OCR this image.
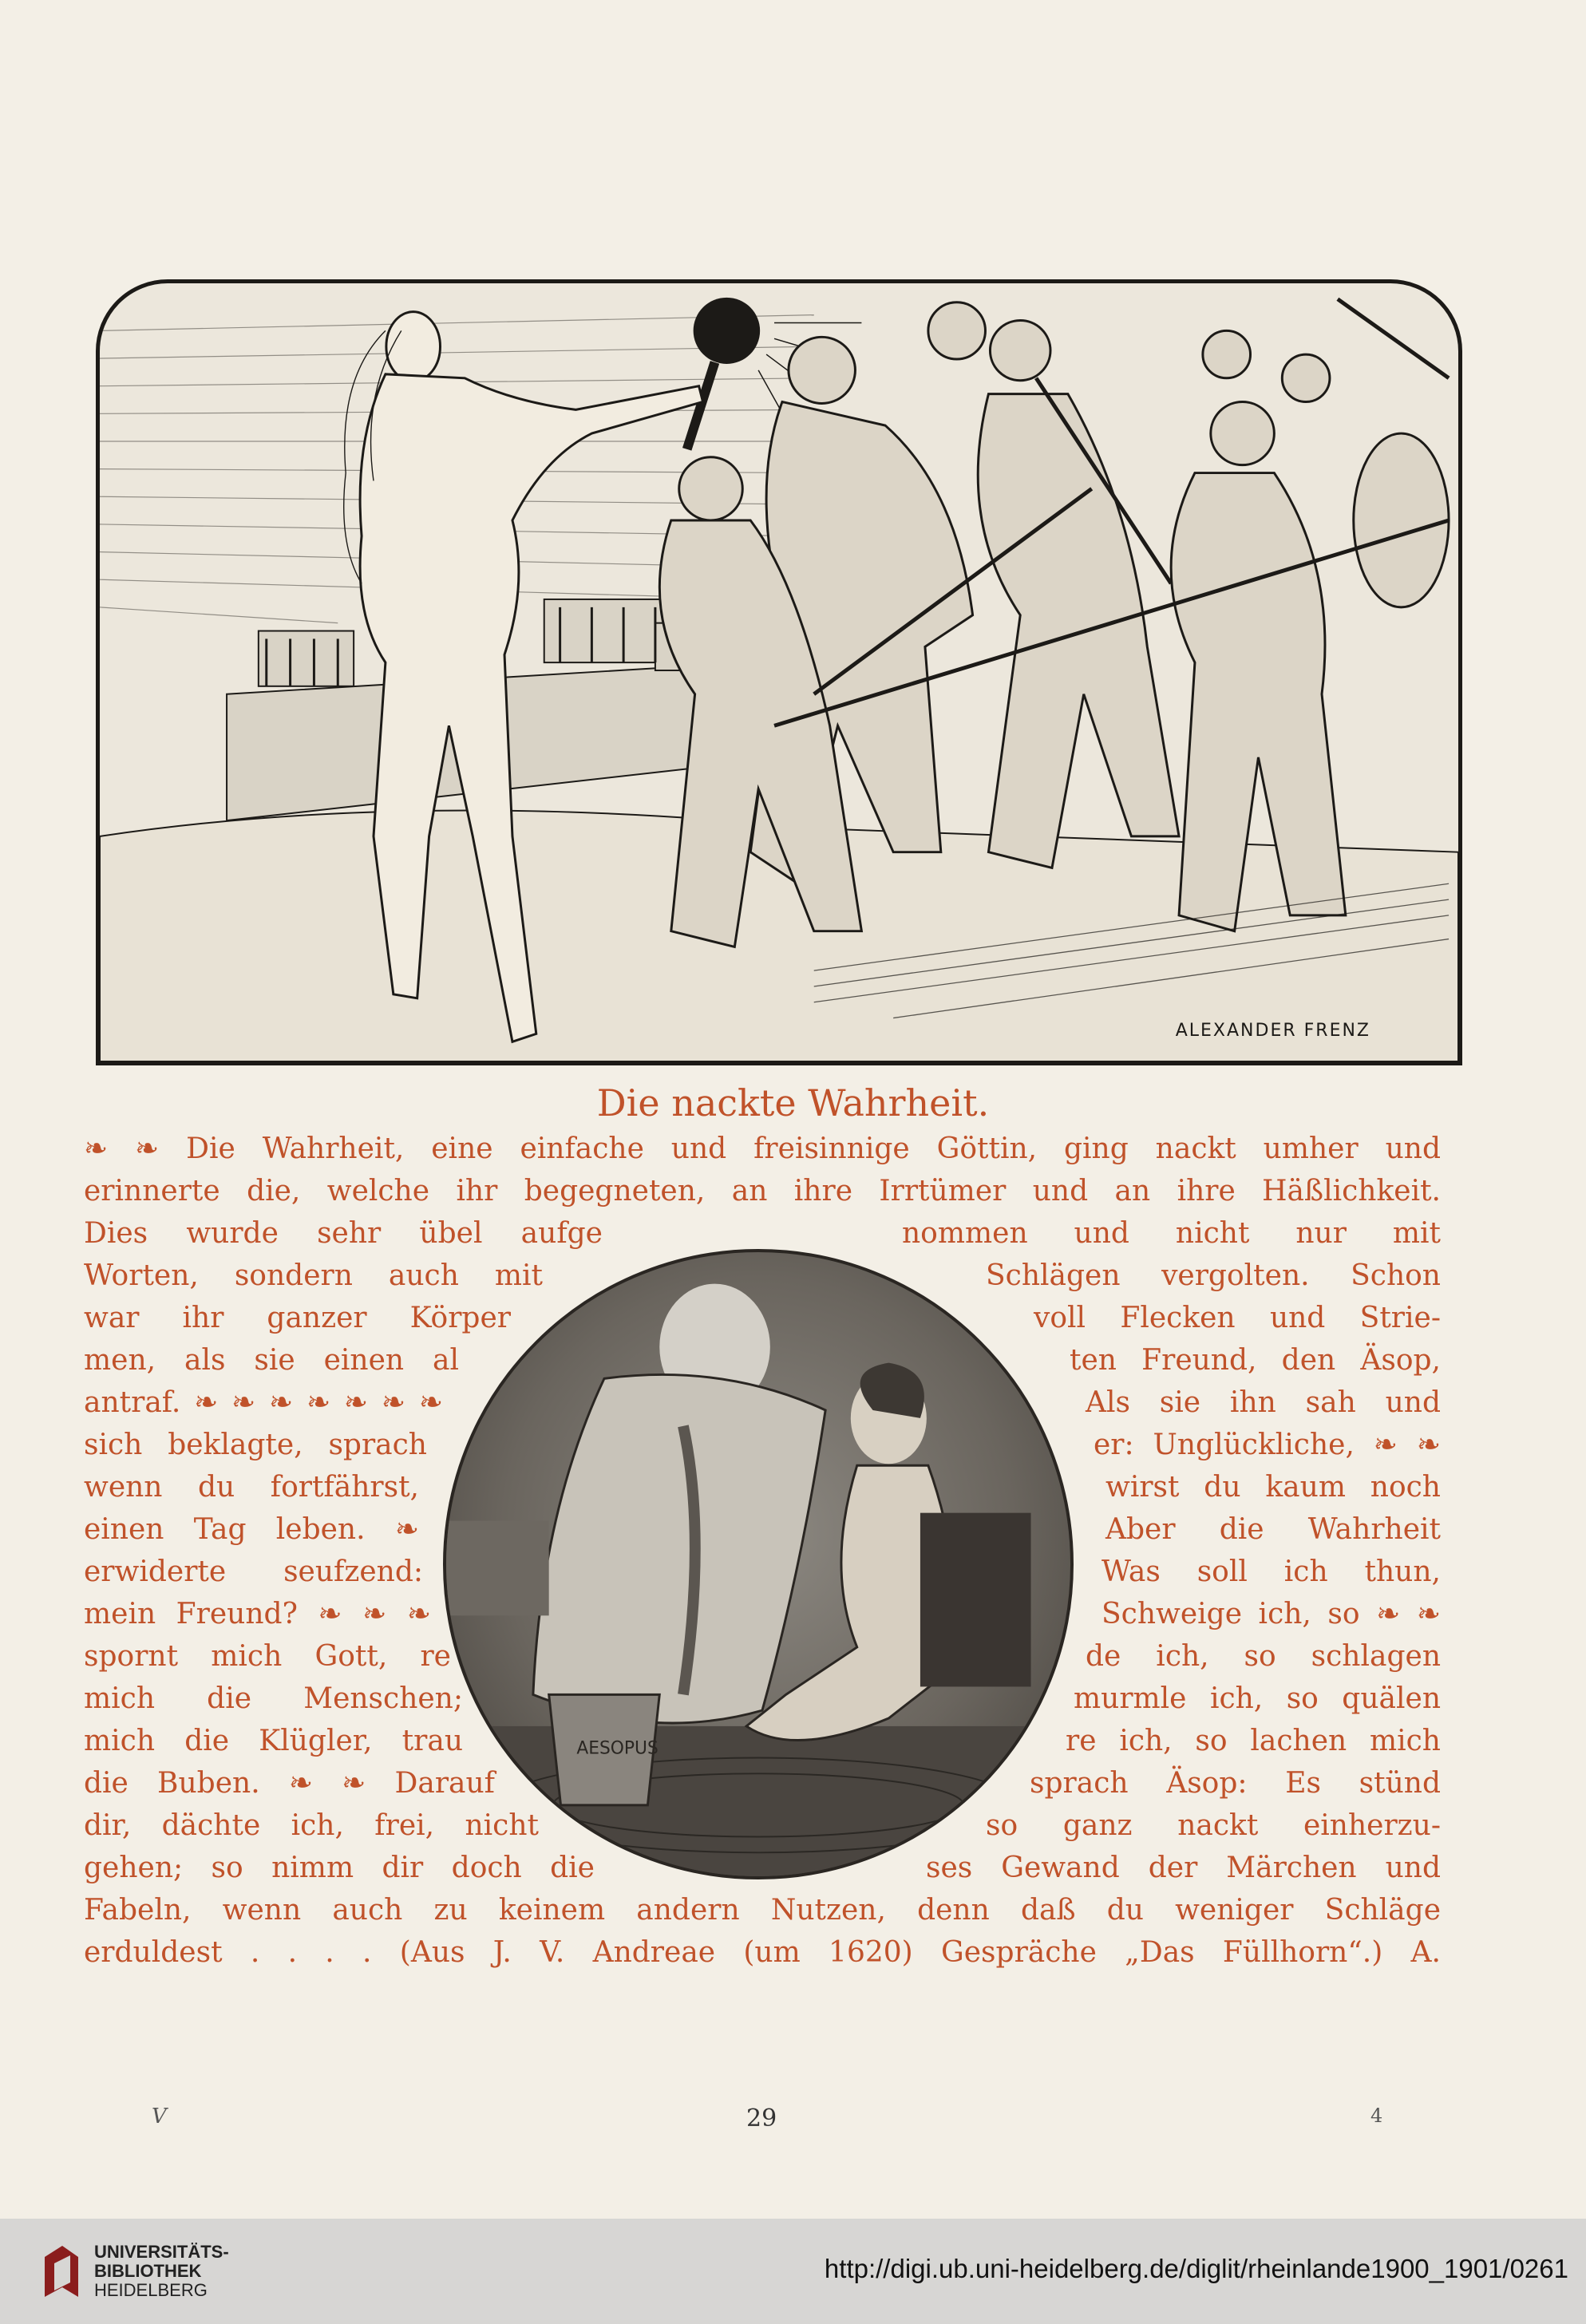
ALEXANDER FRENZ
Die nackte Wahrheit.
❧ ❧ Die Wahrheit, eine einfache und freisinnige Göttin, ging nackt umher und
erinnerte die, welche ihr begegneten, an ihre Irrtümer und an ihre Häßlichkeit.
Dies wurde sehr übel aufge	nommen und nicht nur mit
Worten, sondern auch mit	Schlägen vergolten. Schon
war ihr ganzer Körper	voll Flecken und Strie-
men, als sie einen al	ten Freund, den Äsop,
antraf. ❧ ❧ ❧ ❧ ❧ ❧ ❧	Als sie ihn sah und
sich beklagte, sprach	er: Unglückliche, ❧ ❧
wenn du fortfährst,	wirst du kaum noch
einen Tag leben. ❧	Aber die Wahrheit
erwiderte seufzend:	Was soll ich thun,
mein Freund? ❧ ❧ ❧	Schweige ich, so ❧ ❧
spornt mich Gott, re	de ich, so schlagen
mich die Menschen;	murmle ich, so quälen
mich die Klügler, trau	re ich, so lachen mich
die Buben. ❧ ❧ Darauf	sprach Äsop: Es stünd
dir, dächte ich, frei, nicht	so ganz nackt einherzu-
gehen; so nimm dir doch die	ses Gewand der Märchen und
Fabeln, wenn auch zu keinem andern Nutzen, denn daß du weniger Schläge
erduldest . . . . (Aus J. V. Andreae (um 1620) Gespräche „Das Füllhorn“.) A.
AESOPUS
V	29	4
UNIVERSITÄTS-
BIBLIOTHEK
HEIDELBERG
http://digi.ub.uni-heidelberg.de/diglit/rheinlande1900_1901/0261
